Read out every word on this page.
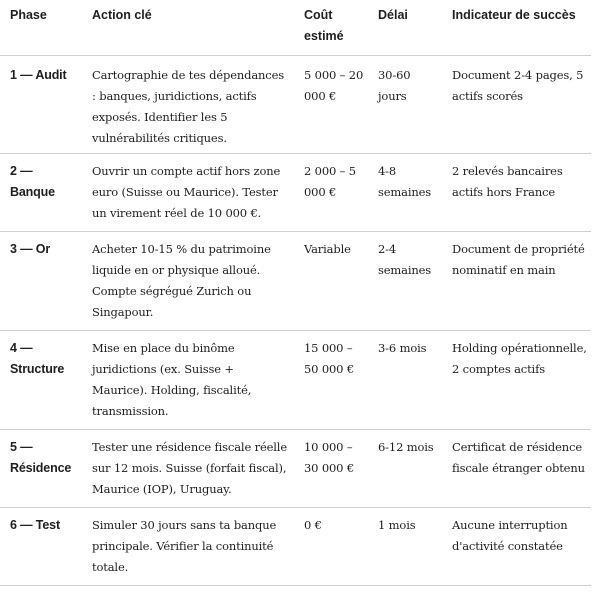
Phase	Action clé	Coût estimé	Délai	Indicateur de succès
1 — Audit	Cartographie de tes dépendances : banques, juridictions, actifs exposés. Identifier les 5 vulnérabilités critiques.	5 000 – 20 000 €	30-60 jours	Document 2-4 pages, 5 actifs scorés
2 — Banque	Ouvrir un compte actif hors zone euro (Suisse ou Maurice). Tester un virement réel de 10 000 €.	2 000 – 5 000 €	4-8 semaines	2 relevés bancaires actifs hors France
3 — Or	Acheter 10-15 % du patrimoine liquide en or physique alloué. Compte ségrégué Zurich ou Singapour.	Variable	2-4 semaines	Document de propriété nominatif en main
4 — Structure	Mise en place du binôme juridictions (ex. Suisse + Maurice). Holding, fiscalité, transmission.	15 000 – 50 000 €	3-6 mois	Holding opérationnelle, 2 comptes actifs
5 — Résidence	Tester une résidence fiscale réelle sur 12 mois. Suisse (forfait fiscal), Maurice (IOP), Uruguay.	10 000 – 30 000 €	6-12 mois	Certificat de résidence fiscale étranger obtenu
6 — Test	Simuler 30 jours sans ta banque principale. Vérifier la continuité totale.	0 €	1 mois	Aucune interruption d'activité constatée
